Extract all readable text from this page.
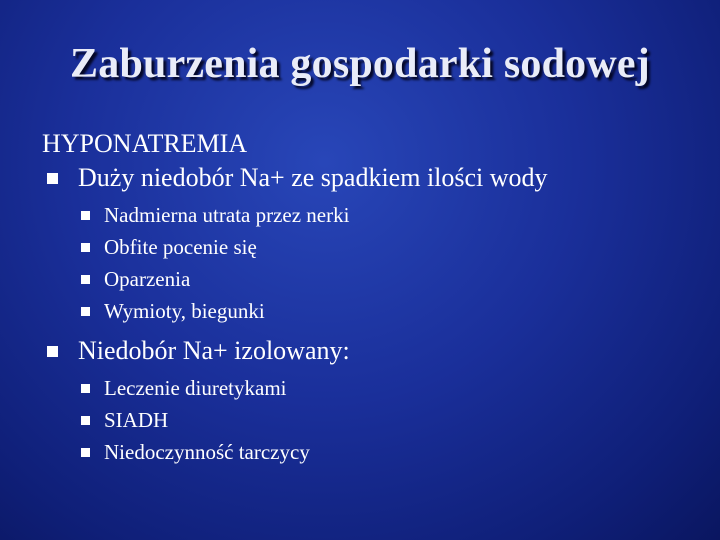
Zaburzenia gospodarki sodowej
HYPONATREMIA
Duży niedobór Na+ ze spadkiem ilości wody
Nadmierna utrata przez nerki
Obfite pocenie się
Oparzenia
Wymioty, biegunki
Niedobór Na+ izolowany:
Leczenie diuretykami
SIADH
Niedoczynność tarczycy
